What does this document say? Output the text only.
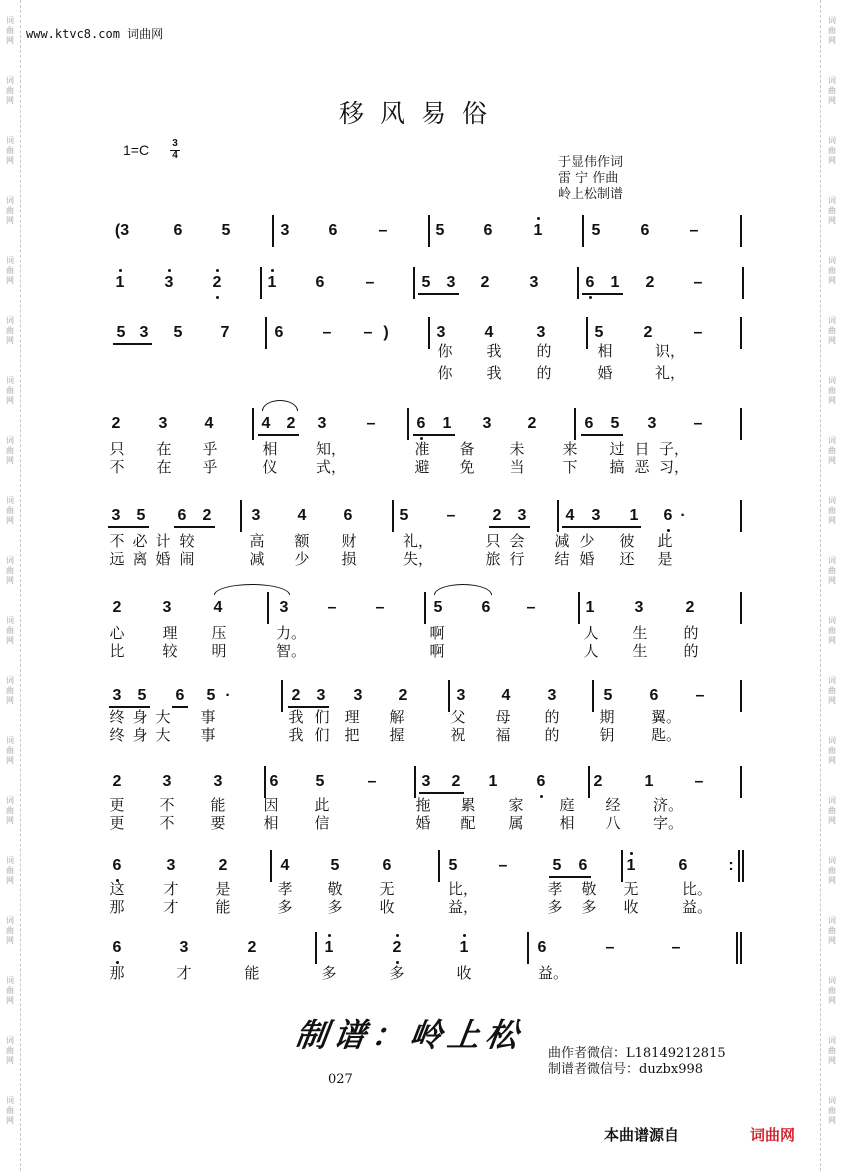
词
曲
网
词
曲
网
词
曲
网
词
曲
网
词
曲
网
词
曲
网
词
曲
网
词
曲
网
词
曲
网
词
曲
网
词
曲
网
词
曲
网
词
曲
网
词
曲
网
词
曲
网
词
曲
网
词
曲
网
词
曲
网
词
曲
网
词
曲
网
词
曲
网
词
曲
网
词
曲
网
词
曲
网
词
曲
网
词
曲
网
词
曲
网
词
曲
网
词
曲
网
词
曲
网
词
曲
网
词
曲
网
词
曲
网
词
曲
网
词
曲
网
词
曲
网
词
曲
网
词
曲
网
www.ktvc8.com 词曲网
移风易俗
1=C 3
4	于显伟作词
雷 宁 作曲
岭上松制谱
(3	6 5	3 6	–	5 6	1	5	6	–
1	3 2	1 6	–	5 3 2	3	6 1 2 –
5 3 5 7	6 – –	3 4	3	5	2	–
)
你 我 的	相	识，
你 我 的	婚	礼，
2 3 4	4 2 3	–	6 1 3 2	6 5 3 –
只 在 乎	相	知，	准 备 未	来 过 日 子，
不 在 乎	仪	式，	避 免 当	下 搞 恶 习，
3 5 6 2	3 4 6	5 – 2 3 4 3 1 6 ·
不 必 计 较	高 额 财	礼，	只 会 减 少 彼 此
远 离 婚 闹	减 少 损	失，	旅 行 结 婚 还 是
2	3	4	3 – –	5 6 –	1	3	2
心	理 压	力。	啊	人 生 的
比	较 明	智。	啊	人 生 的
3 5 6 5 ·	2 3 3 2	3 4 3	5 6 –
终 身 大 事	我 们 理 解	父 母 的	期 翼。
终 身 大 事	我 们 把 握	祝 福 的	钥 匙。
2	3	3	6 5	–	3 2 1 6	2	1	–
更 不 能	因 此	拖 累 家 庭 经 济。
更 不 要	相 信	婚 配 属 相 八 字。
6	3	2	4	5	6	5	–	5 6 1	6	:
这	才 是	孝 敬 无	比，	孝 敬 无	比。
那	才 能	多 多 收	益，	多 多 收	益。
6	3	2	1	2	1	6	–	–
那	才	能	多	多	收	益。
制谱：岭上松 曲作者微信：L18149212815
制谱者微信号：duzbx998
027
本曲谱源自	词曲网
